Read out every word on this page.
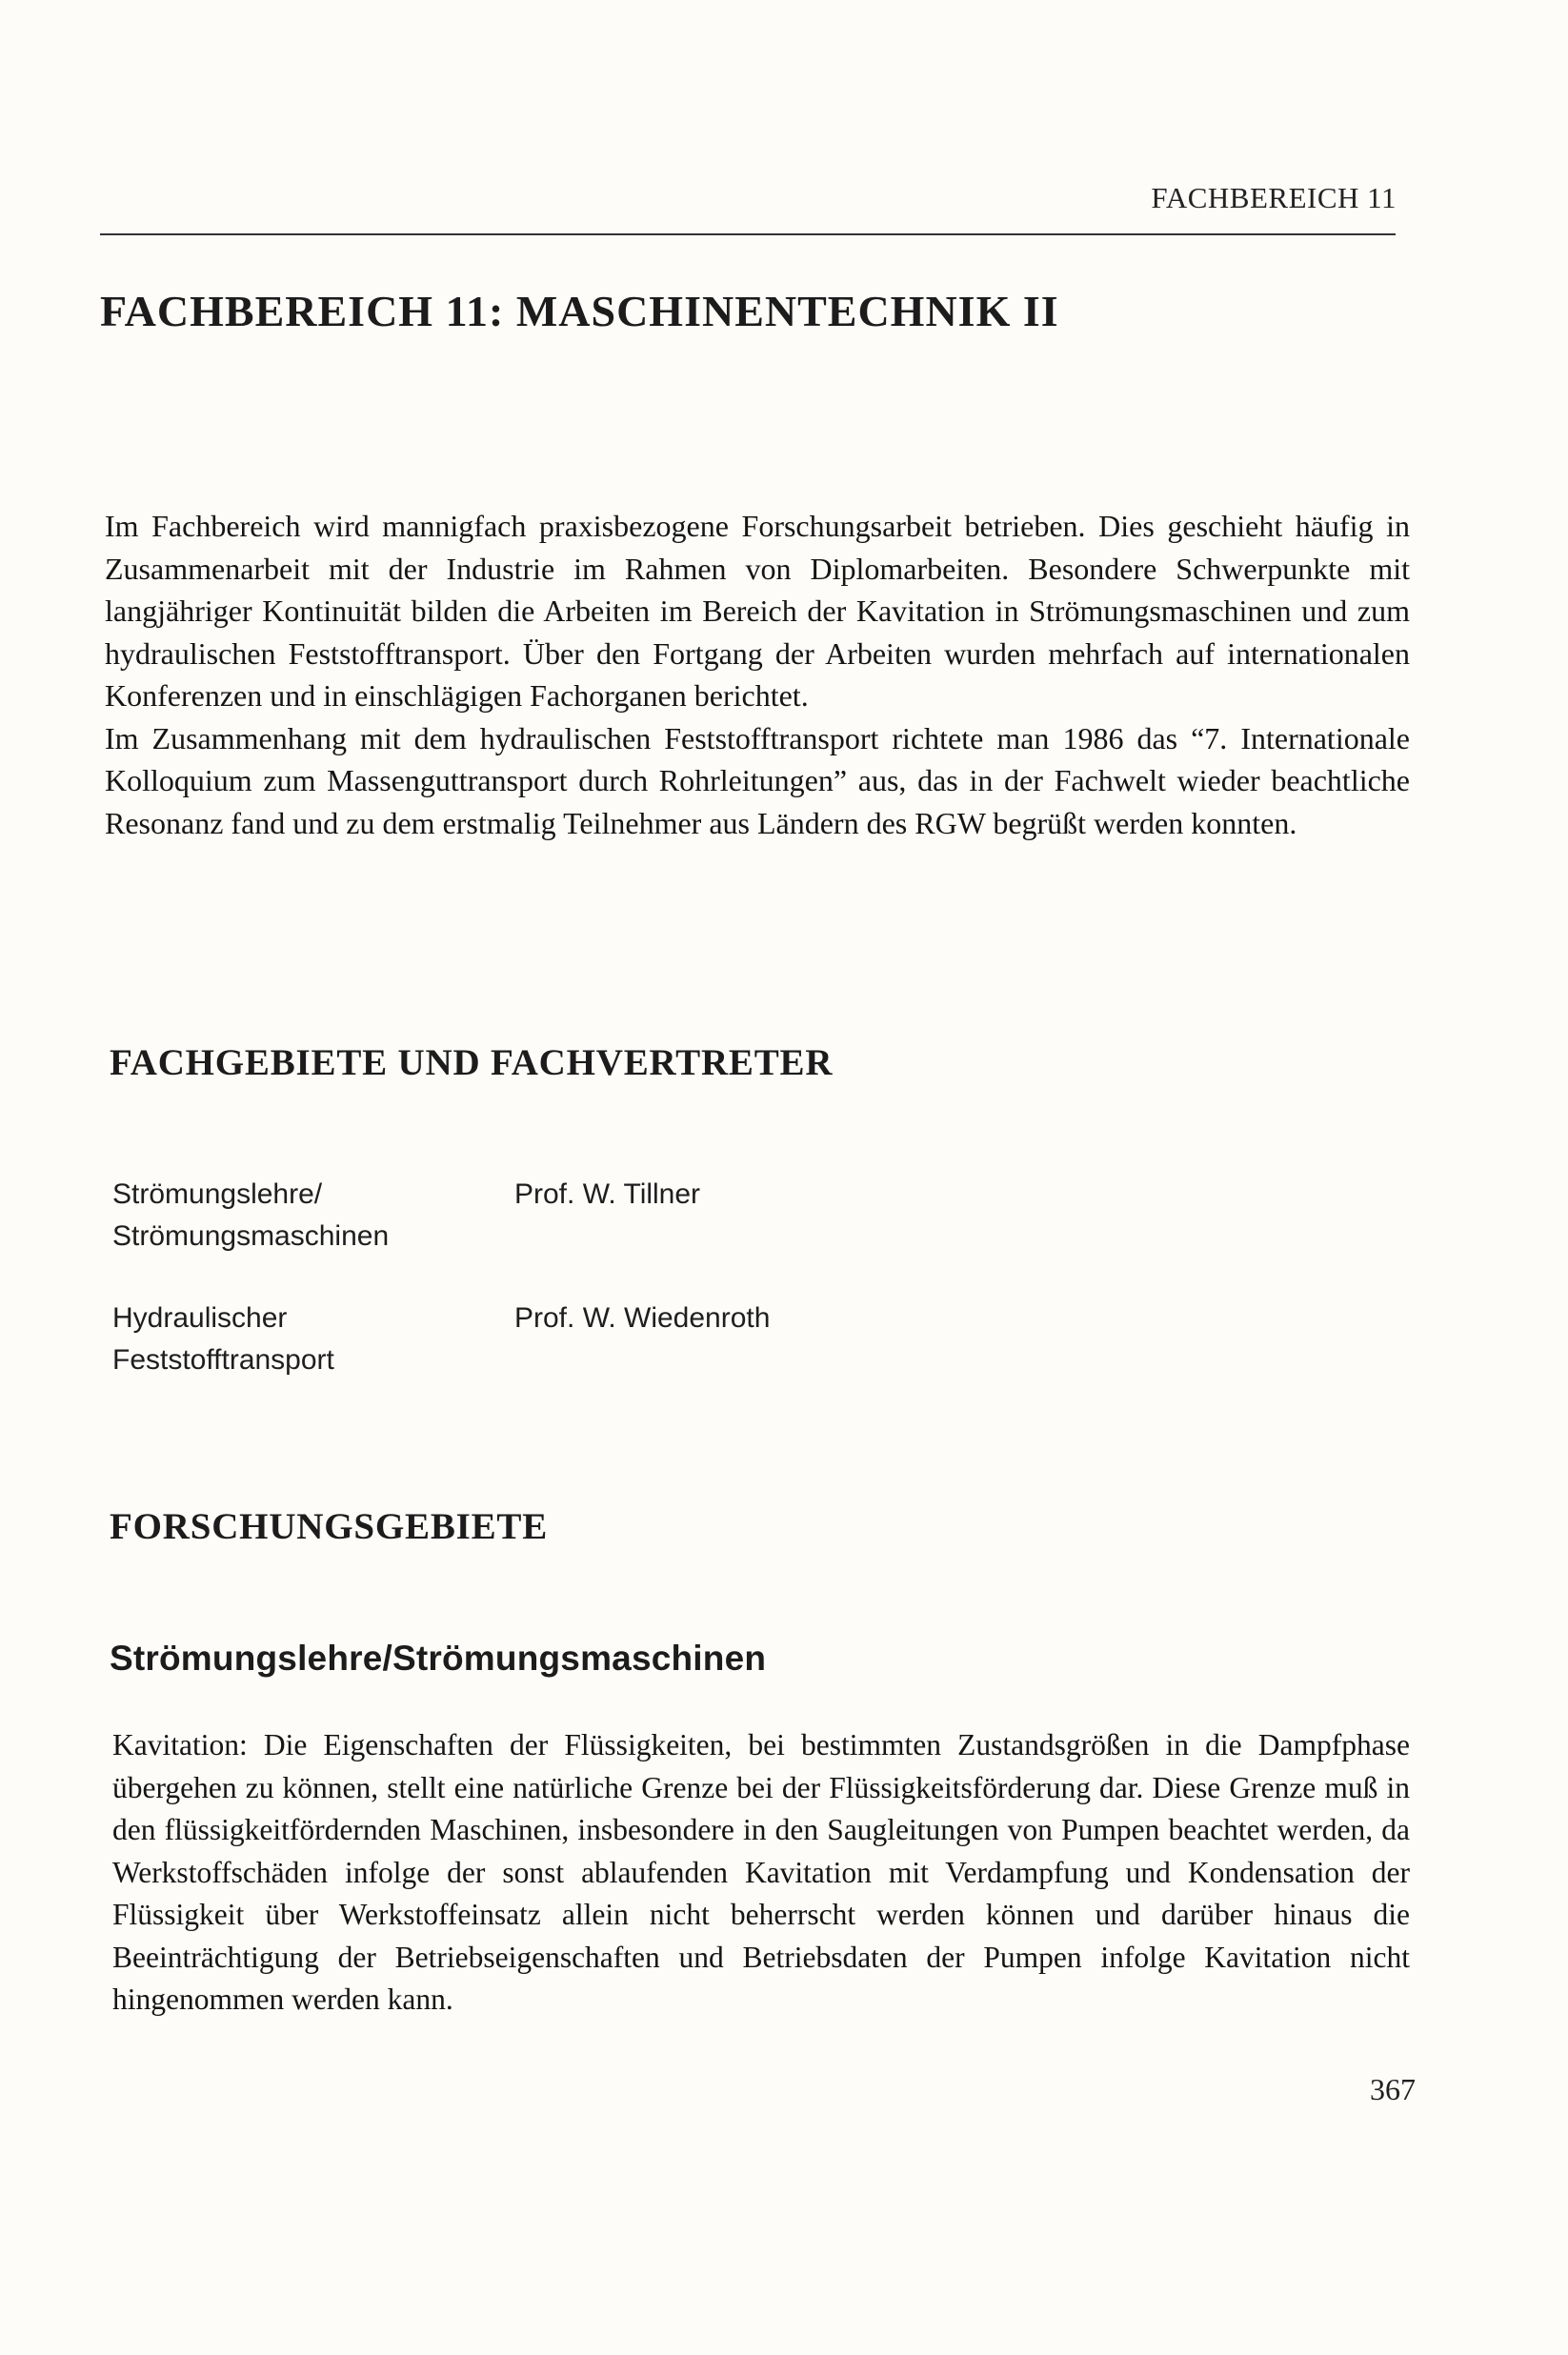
FACHBEREICH 11
FACHBEREICH 11: MASCHINENTECHNIK II

Im Fachbereich wird mannigfach praxisbezogene Forschungsarbeit betrieben. Dies geschieht häufig in Zusammenarbeit mit der Industrie im Rahmen von Diplomarbeiten. Besondere Schwerpunkte mit langjähriger Kontinuität bilden die Arbeiten im Bereich der Kavitation in Strömungsmaschinen und zum hydraulischen Feststofftransport. Über den Fortgang der Arbeiten wurden mehrfach auf internationalen Konferenzen und in einschlägigen Fachorganen berichtet.

Im Zusammenhang mit dem hydraulischen Feststofftransport richtete man 1986 das “7. Internationale Kolloquium zum Massenguttransport durch Rohrleitungen” aus, das in der Fachwelt wieder beachtliche Resonanz fand und zu dem erstmalig Teilnehmer aus Ländern des RGW begrüßt werden konnten.

FACHGEBIETE UND FACHVERTRETER
Strömungslehre/
Strömungsmaschinen
Prof. W. Tillner
Hydraulischer
Feststofftransport
Prof. W. Wiedenroth
FORSCHUNGSGEBIETE
Strömungslehre/Strömungsmaschinen
Kavitation: Die Eigenschaften der Flüssigkeiten, bei bestimmten Zustandsgrößen in die Dampfphase übergehen zu können, stellt eine natürliche Grenze bei der Flüssigkeitsförderung dar. Diese Grenze muß in den flüssigkeitfördernden Maschinen, insbesondere in den Saugleitungen von Pumpen beachtet werden, da Werkstoffschäden infolge der sonst ablaufenden Kavitation mit Verdampfung und Kondensation der Flüssigkeit über Werkstoffeinsatz allein nicht beherrscht werden können und darüber hinaus die Beeinträchtigung der Betriebseigenschaften und Betriebsdaten der Pumpen infolge Kavitation nicht hingenommen werden kann.
367
